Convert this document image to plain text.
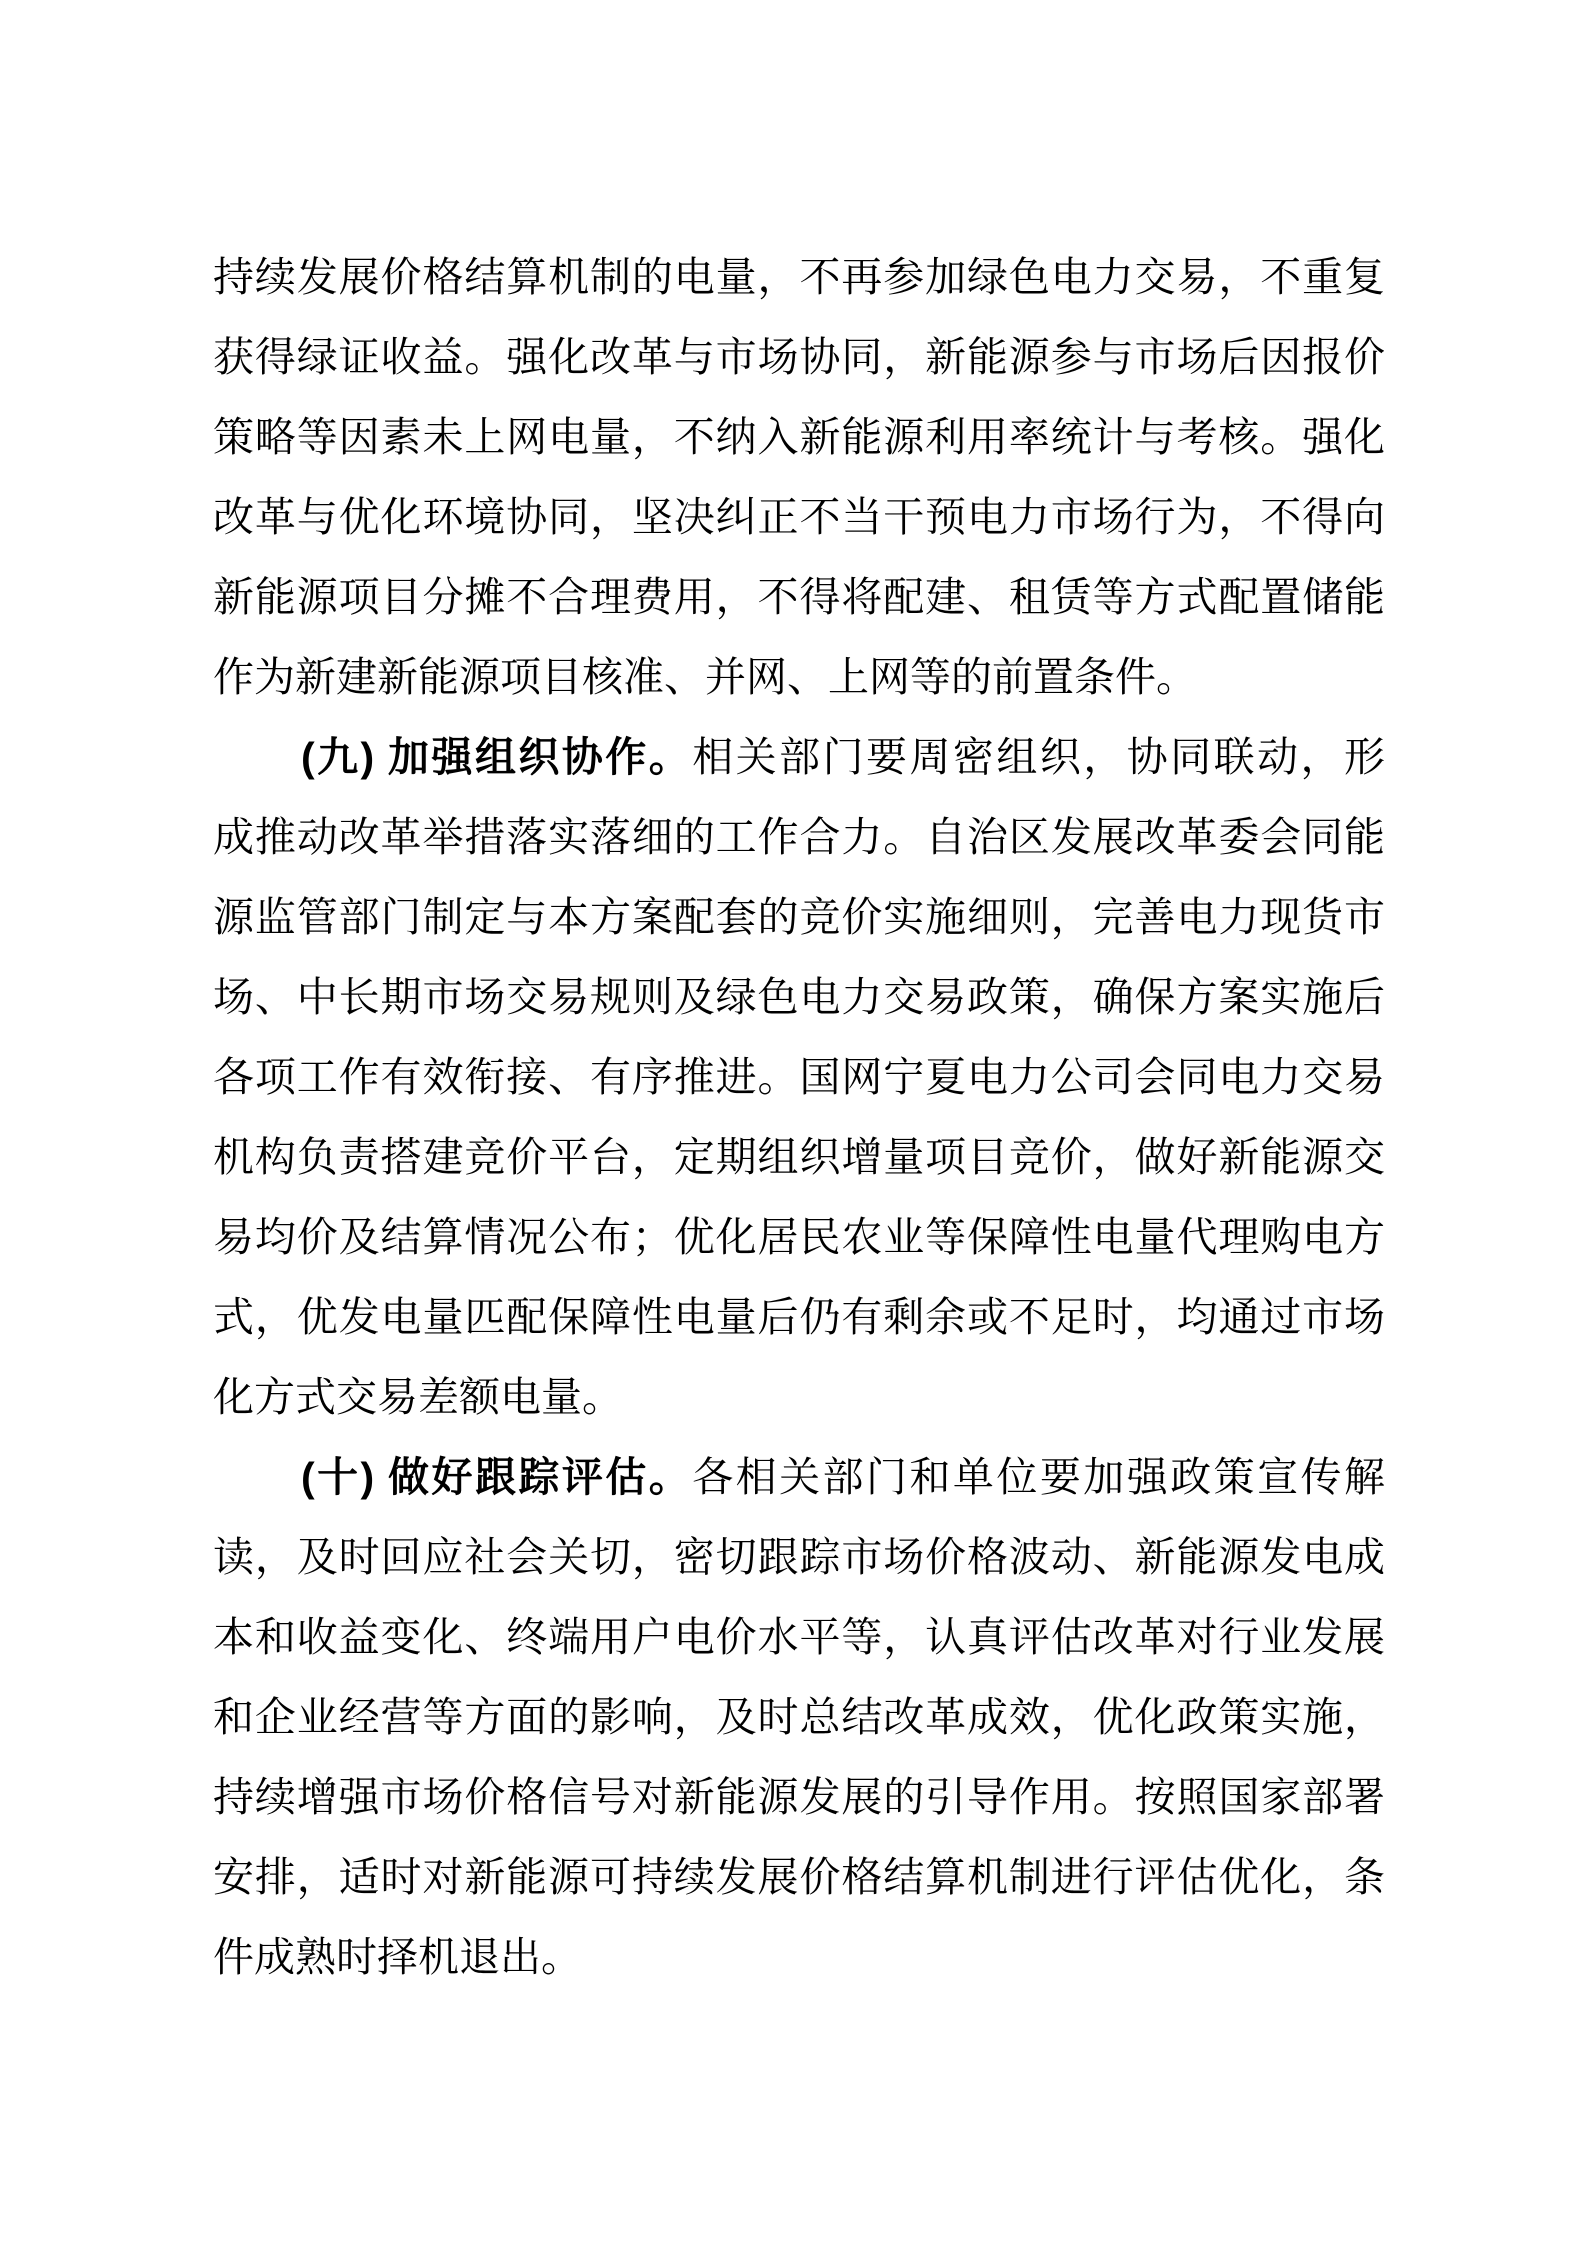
持续发展价格结算机制的电量，不再参加绿色电力交易，不重复
获得绿证收益。强化改革与市场协同，新能源参与市场后因报价
策略等因素未上网电量，不纳入新能源利用率统计与考核。强化
改革与优化环境协同，坚决纠正不当干预电力市场行为，不得向
新能源项目分摊不合理费用，不得将配建、租赁等方式配置储能
作为新建新能源项目核准、并网、上网等的前置条件。
(九) 加强组织协作。相关部门要周密组织，协同联动，形
成推动改革举措落实落细的工作合力。自治区发展改革委会同能
源监管部门制定与本方案配套的竞价实施细则，完善电力现货市
场、中长期市场交易规则及绿色电力交易政策，确保方案实施后
各项工作有效衔接、有序推进。国网宁夏电力公司会同电力交易
机构负责搭建竞价平台，定期组织增量项目竞价，做好新能源交
易均价及结算情况公布；优化居民农业等保障性电量代理购电方
式，优发电量匹配保障性电量后仍有剩余或不足时，均通过市场
化方式交易差额电量。
(十) 做好跟踪评估。各相关部门和单位要加强政策宣传解
读，及时回应社会关切，密切跟踪市场价格波动、新能源发电成
本和收益变化、终端用户电价水平等，认真评估改革对行业发展
和企业经营等方面的影响，及时总结改革成效，优化政策实施，
持续增强市场价格信号对新能源发展的引导作用。按照国家部署
安排，适时对新能源可持续发展价格结算机制进行评估优化，条
件成熟时择机退出。
